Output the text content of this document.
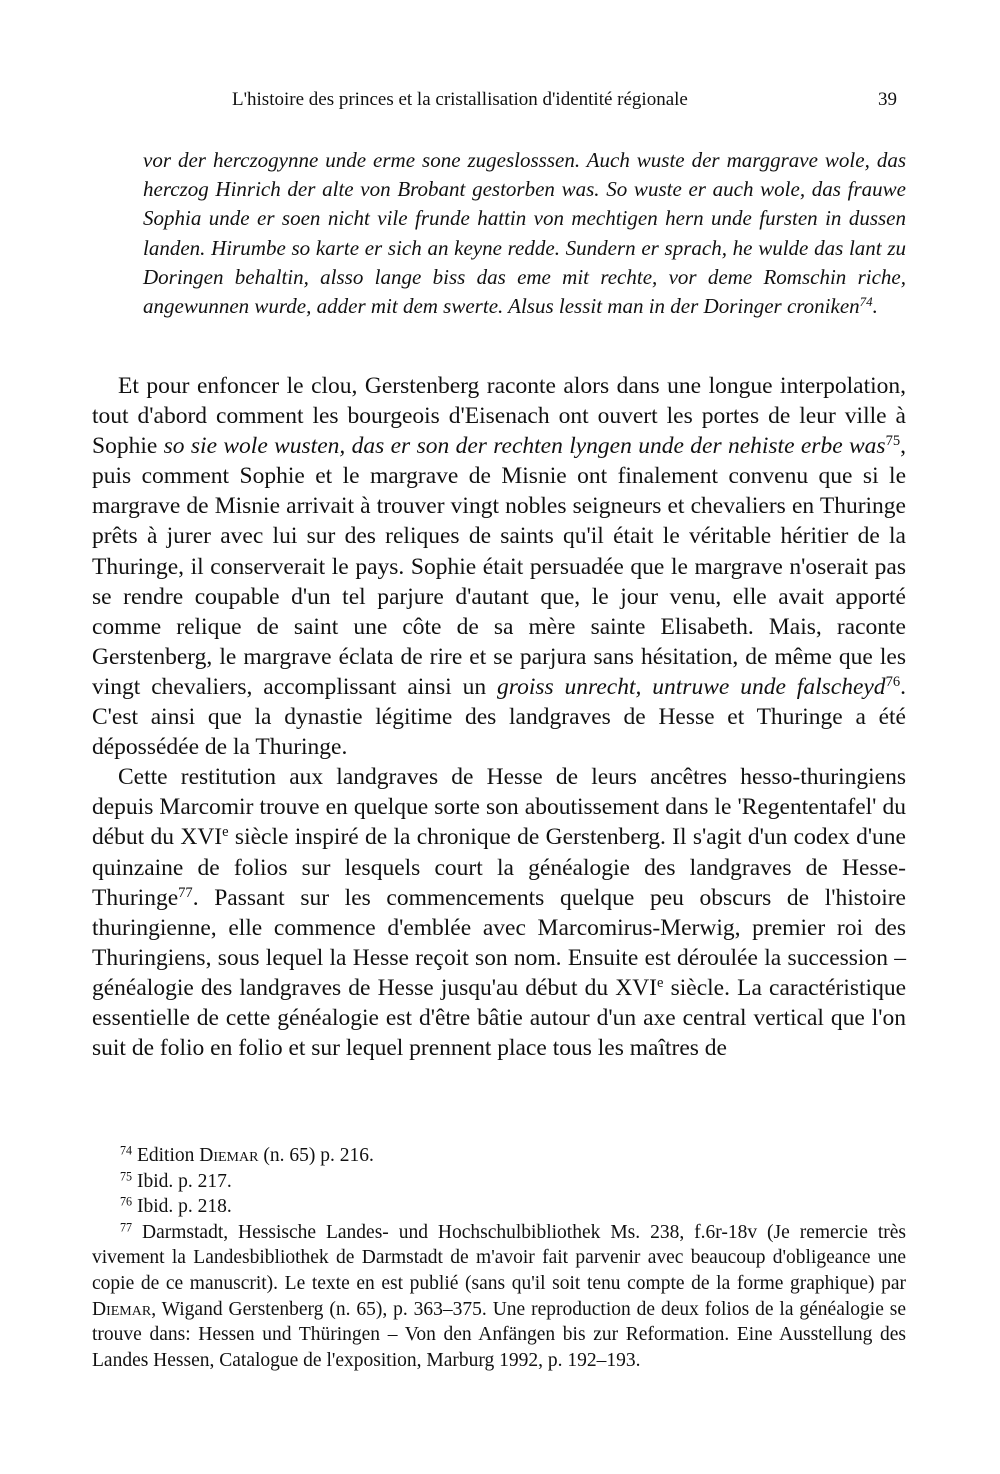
L'histoire des princes et la cristallisation d'identité régionale	39
vor der herczogynne unde erme sone zugeslosssen. Auch wuste der marggrave wole, das herczog Hinrich der alte von Brobant gestorben was. So wuste er auch wole, das frauwe Sophia unde er soen nicht vile frunde hattin von mechtigen hern unde fursten in dussen landen. Hirumbe so karte er sich an keyne redde. Sundern er sprach, he wulde das lant zu Doringen behaltin, alsso lange biss das eme mit rechte, vor deme Romschin riche, angewunnen wurde, adder mit dem swerte. Alsus lessit man in der Doringer croniken$^{74}$.

Et pour enfoncer le clou, Gerstenberg raconte alors dans une longue interpolation, tout d'abord comment les bourgeois d'Eisenach ont ouvert les portes de leur ville à Sophie so sie wole wusten, das er son der rechten lyngen unde der nehiste erbe was$^{75}$, puis comment Sophie et le margrave de Misnie ont finalement convenu que si le margrave de Misnie arrivait à trouver vingt nobles seigneurs et chevaliers en Thuringe prêts à jurer avec lui sur des reliques de saints qu'il était le véritable héritier de la Thuringe, il conserverait le pays. Sophie était persuadée que le margrave n'oserait pas se rendre coupable d'un tel parjure d'autant que, le jour venu, elle avait apporté comme relique de saint une côte de sa mère sainte Elisabeth. Mais, raconte Gerstenberg, le margrave éclata de rire et se parjura sans hésitation, de même que les vingt chevaliers, accomplissant ainsi un groiss unrecht, untruwe unde falscheyd$^{76}$. C'est ainsi que la dynastie légitime des landgraves de Hesse et Thuringe a été dépossédée de la Thuringe.

Cette restitution aux landgraves de Hesse de leurs ancêtres hesso-thuringiens depuis Marcomir trouve en quelque sorte son aboutissement dans le 'Regententafel' du début du XVIe siècle inspiré de la chronique de Gerstenberg. Il s'agit d'un codex d'une quinzaine de folios sur lesquels court la généalogie des landgraves de Hesse-Thuringe$^{77}$. Passant sur les commencements quelque peu obscurs de l'histoire thuringienne, elle commence d'emblée avec Marcomirus-Merwig, premier roi des Thuringiens, sous lequel la Hesse reçoit son nom. Ensuite est déroulée la succession – généalogie des landgraves de Hesse jusqu'au début du XVIe siècle. La caractéristique essentielle de cette généalogie est d'être bâtie autour d'un axe central vertical que l'on suit de folio en folio et sur lequel prennent place tous les maîtres de

$^{74}$ Edition Diemar (n. 65) p. 216.

$^{75}$ Ibid. p. 217.

$^{76}$ Ibid. p. 218.

$^{77}$ Darmstadt, Hessische Landes- und Hochschulbibliothek Ms. 238, f.6r-18v (Je remercie très vivement la Landesbibliothek de Darmstadt de m'avoir fait parvenir avec beaucoup d'obligeance une copie de ce manuscrit). Le texte en est publié (sans qu'il soit tenu compte de la forme graphique) par Diemar, Wigand Gerstenberg (n. 65), p. 363–375. Une reproduction de deux folios de la généalogie se trouve dans: Hessen und Thüringen – Von den Anfängen bis zur Reformation. Eine Ausstellung des Landes Hessen, Catalogue de l'exposition, Marburg 1992, p. 192–193.
